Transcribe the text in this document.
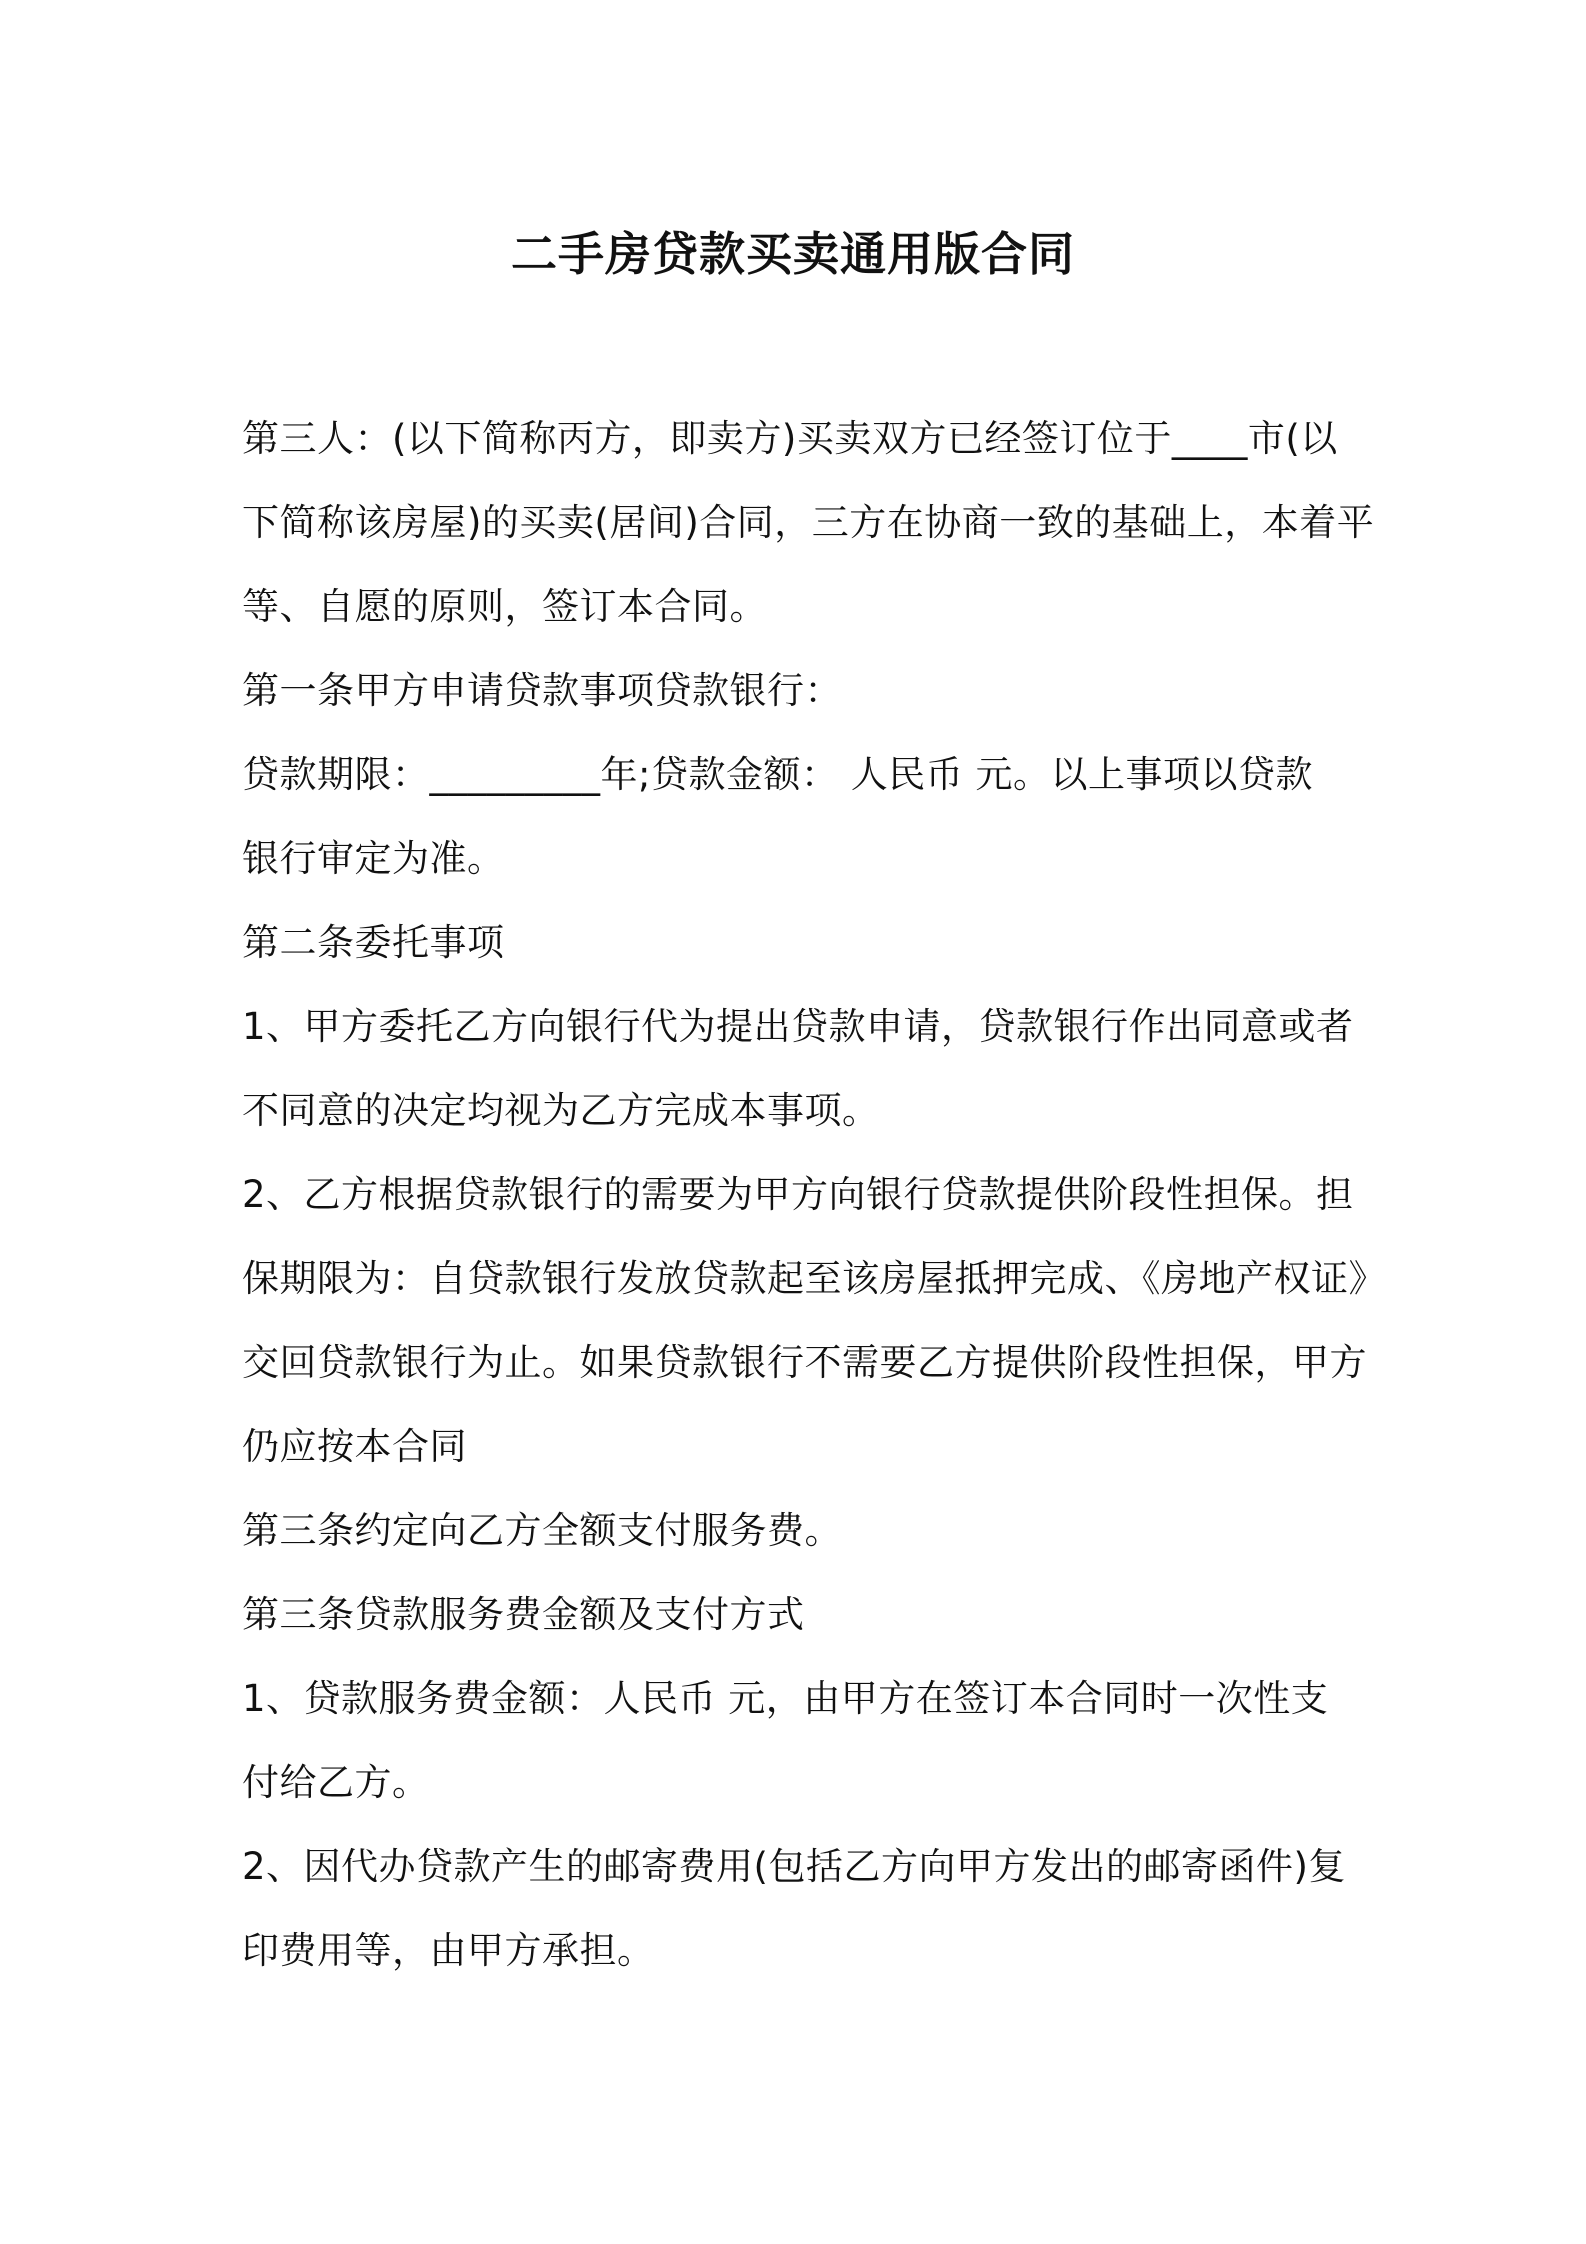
二手房贷款买卖通用版合同
第三人：(以下简称丙方，即卖方)买卖双方已经签订位于____市(以
下简称该房屋)的买卖(居间)合同，三方在协商一致的基础上，本着平
等、自愿的原则，签订本合同。
第一条甲方申请贷款事项贷款银行：
贷款期限：_________年;贷款金额： 人民币 元。以上事项以贷款
银行审定为准。
第二条委托事项
1、甲方委托乙方向银行代为提出贷款申请，贷款银行作出同意或者
不同意的决定均视为乙方完成本事项。
2、乙方根据贷款银行的需要为甲方向银行贷款提供阶段性担保。担
保期限为：自贷款银行发放贷款起至该房屋抵押完成、《房地产权证》
交回贷款银行为止。如果贷款银行不需要乙方提供阶段性担保，甲方
仍应按本合同
第三条约定向乙方全额支付服务费。
第三条贷款服务费金额及支付方式
1、贷款服务费金额：人民币 元，由甲方在签订本合同时一次性支
付给乙方。
2、因代办贷款产生的邮寄费用(包括乙方向甲方发出的邮寄函件)复
印费用等，由甲方承担。
